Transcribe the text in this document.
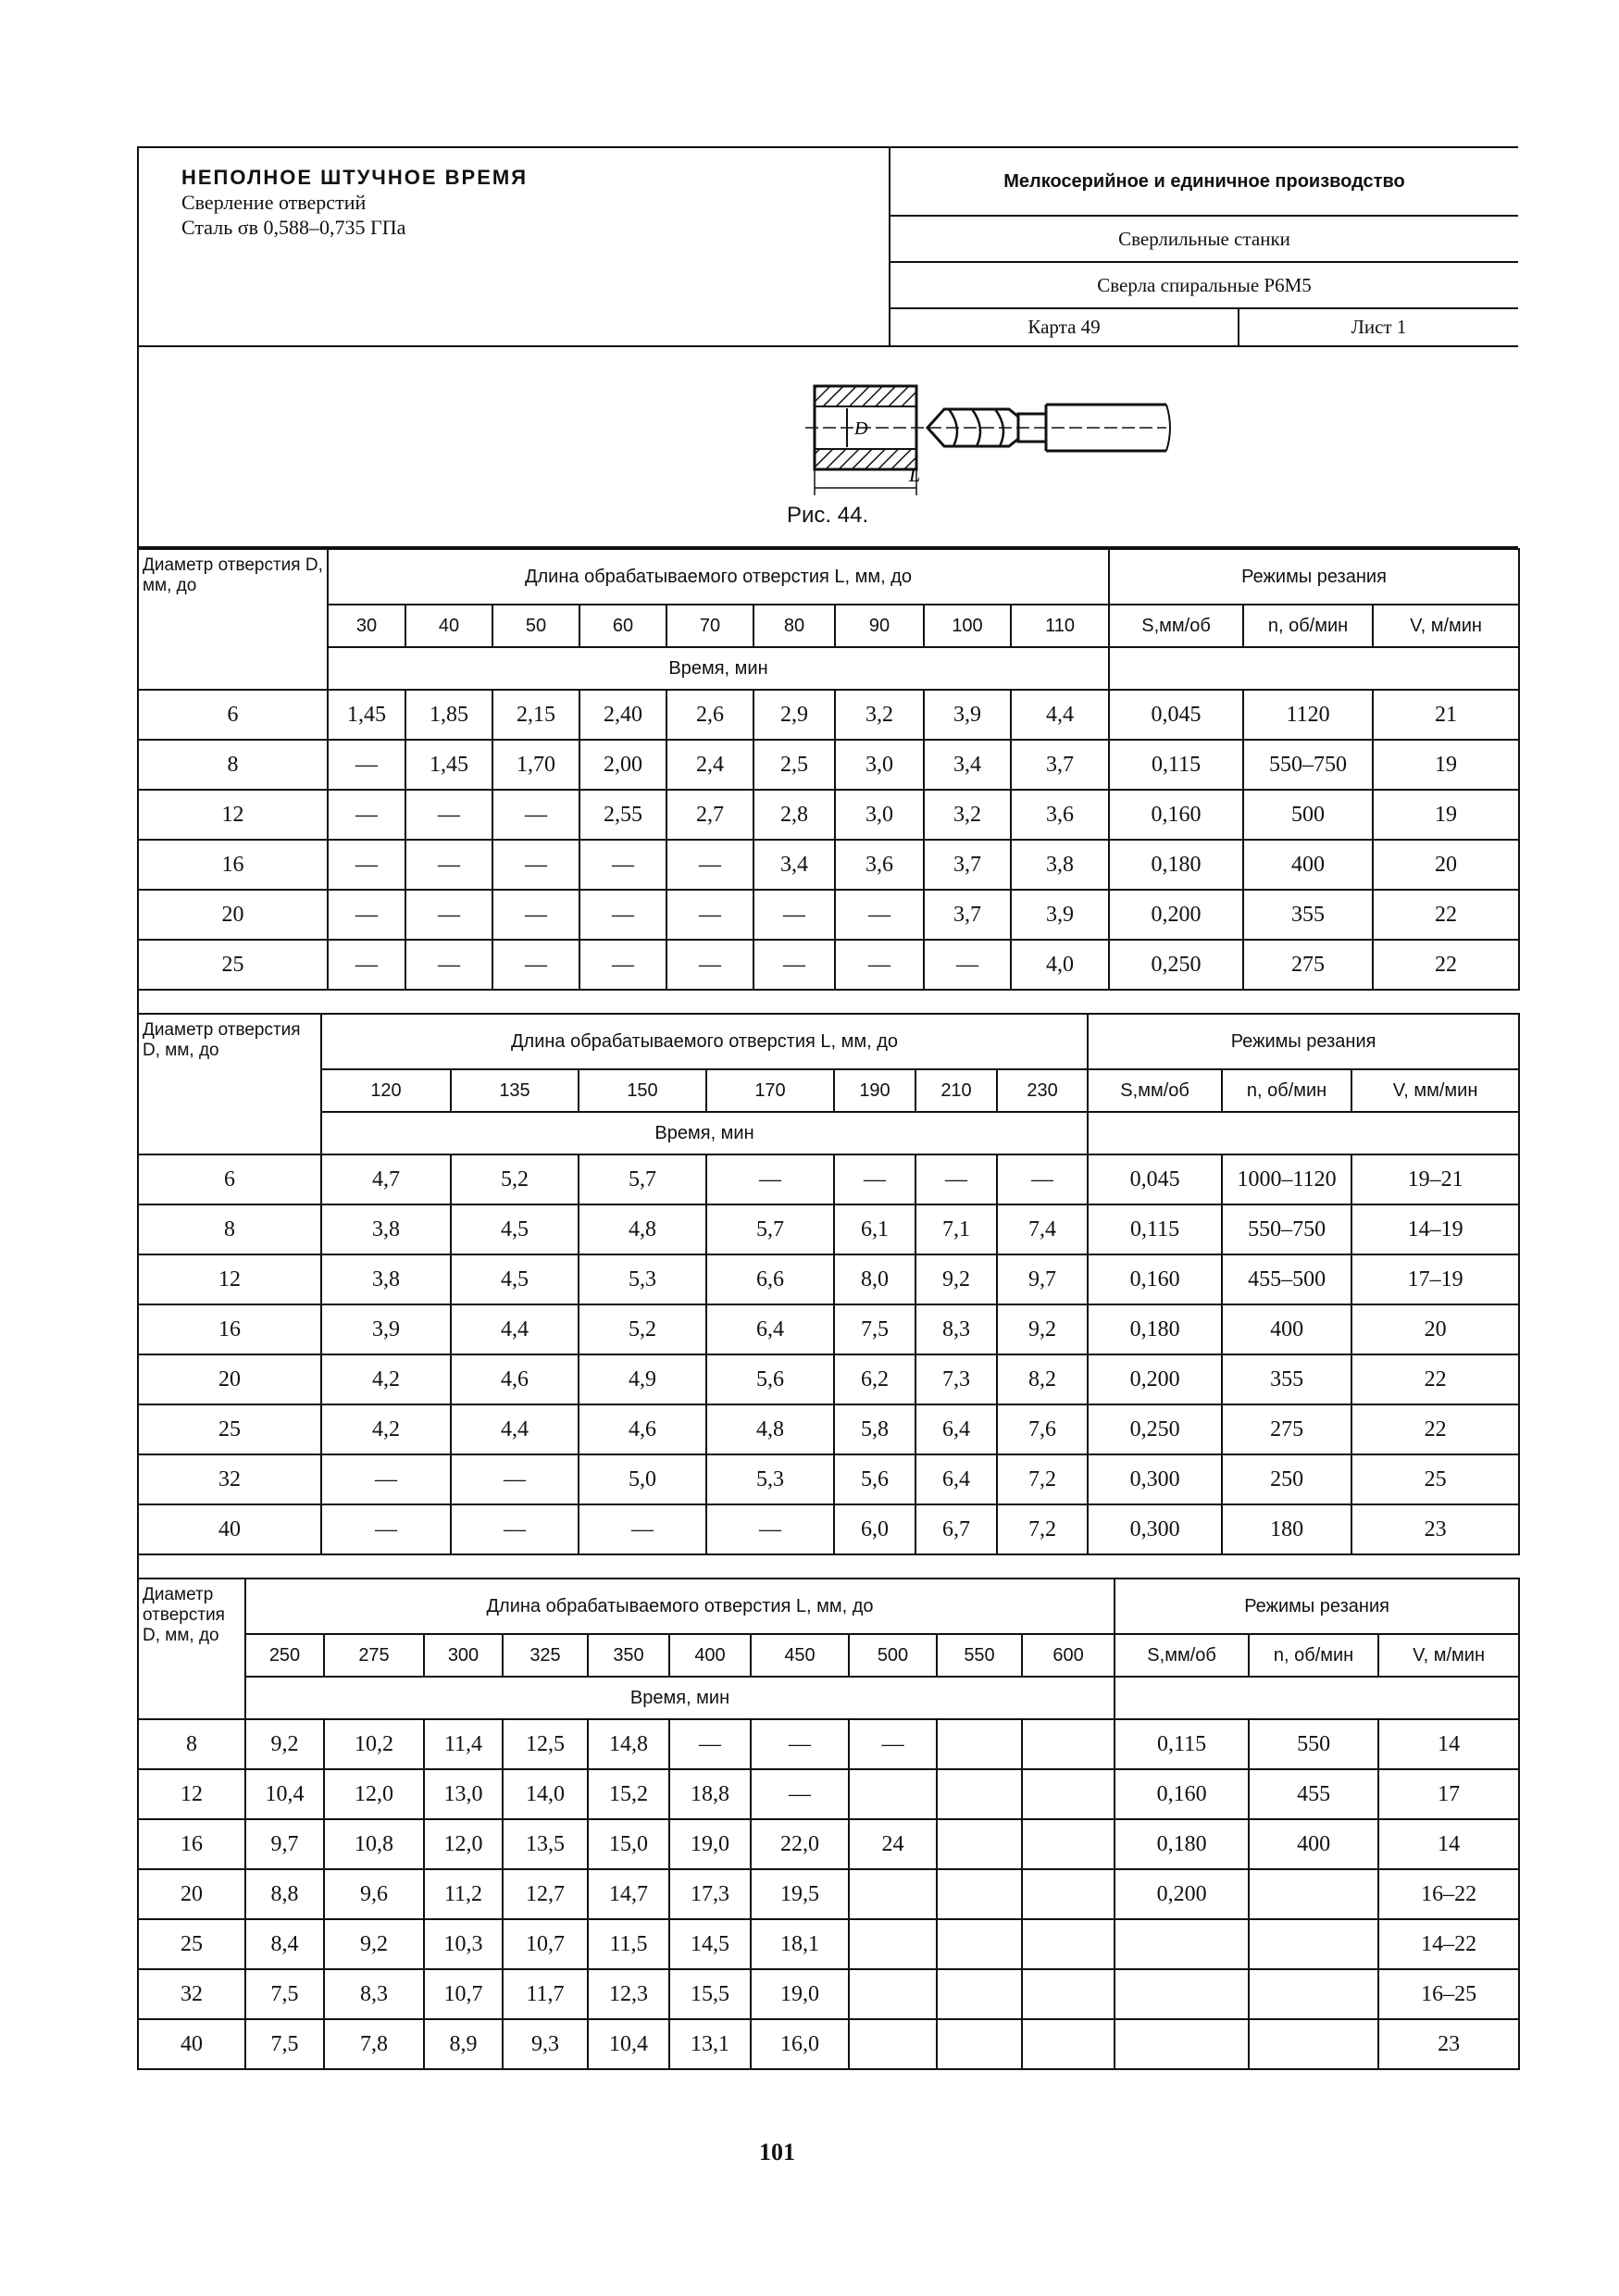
НЕПОЛНОЕ ШТУЧНОЕ ВРЕМЯ
Сверление отверстий
Сталь σв 0,588–0,735 ГПа
Мелкосерийное и единичное производство
Сверлильные станки
Сверла спиральные Р6М5
Карта 49	Лист 1
D
L
Рис. 44.
Диаметр отверстия D, мм, до	Длина обрабатываемого отверстия L, мм, до									Режимы резания		
	30	40	50	60	70	80	90	100	110	S,мм/об	n, об/мин	V, м/мин
	Время, мин											
6	1,45	1,85	2,15	2,40	2,6	2,9	3,2	3,9	4,4	0,045	1120	21
8	—	1,45	1,70	2,00	2,4	2,5	3,0	3,4	3,7	0,115	550–750	19
12	—	—	—	2,55	2,7	2,8	3,0	3,2	3,6	0,160	500	19
16	—	—	—	—	—	3,4	3,6	3,7	3,8	0,180	400	20
20	—	—	—	—	—	—	—	3,7	3,9	0,200	355	22
25	—	—	—	—	—	—	—	—	4,0	0,250	275	22
Диаметр отверстия D, мм, до	Длина обрабатываемого отверстия L, мм, до							Режимы резания		
	120	135	150	170	190	210	230	S,мм/об	n, об/мин	V, мм/мин
	Время, мин									
6	4,7	5,2	5,7	—	—	—	—	0,045	1000–1120	19–21
8	3,8	4,5	4,8	5,7	6,1	7,1	7,4	0,115	550–750	14–19
12	3,8	4,5	5,3	6,6	8,0	9,2	9,7	0,160	455–500	17–19
16	3,9	4,4	5,2	6,4	7,5	8,3	9,2	0,180	400	20
20	4,2	4,6	4,9	5,6	6,2	7,3	8,2	0,200	355	22
25	4,2	4,4	4,6	4,8	5,8	6,4	7,6	0,250	275	22
32	—	—	5,0	5,3	5,6	6,4	7,2	0,300	250	25
40	—	—	—	—	6,0	6,7	7,2	0,300	180	23
Диаметр отверстия D, мм, до	Длина обрабатываемого отверстия L, мм, до										Режимы резания		
	250	275	300	325	350	400	450	500	550	600	S,мм/об	n, об/мин	V, м/мин
	Время, мин												
8	9,2	10,2	11,4	12,5	14,8	—	—	—			0,115	550	14
12	10,4	12,0	13,0	14,0	15,2	18,8	—				0,160	455	17
16	9,7	10,8	12,0	13,5	15,0	19,0	22,0	24			0,180	400	14
20	8,8	9,6	11,2	12,7	14,7	17,3	19,5				0,200		16–22
25	8,4	9,2	10,3	10,7	11,5	14,5	18,1						14–22
32	7,5	8,3	10,7	11,7	12,3	15,5	19,0						16–25
40	7,5	7,8	8,9	9,3	10,4	13,1	16,0						23
101
